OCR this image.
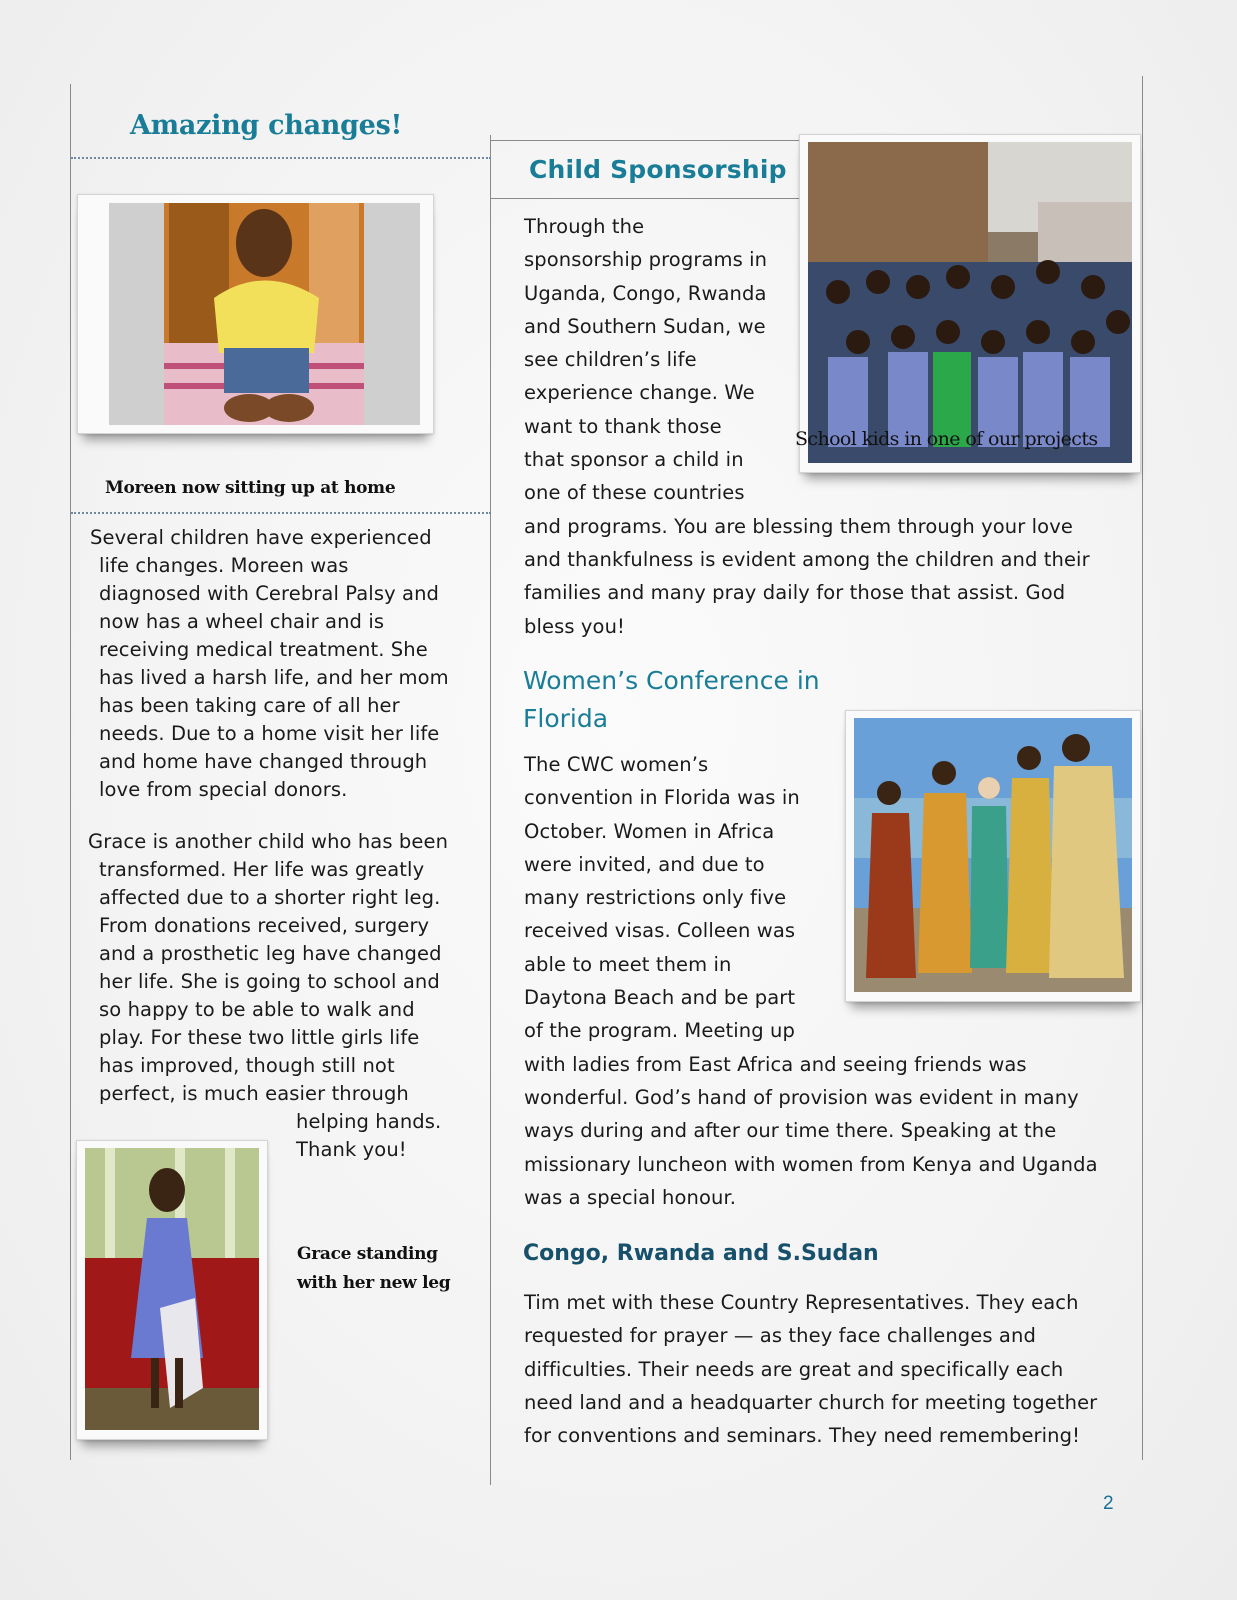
Amazing changes!
Moreen now sitting up at home
Several children have experienced
life changes. Moreen was
diagnosed with Cerebral Palsy and
now has a wheel chair and is
receiving medical treatment. She
has lived a harsh life, and her mom
has been taking care of all her
needs. Due to a home visit her life
and home have changed through
love from special donors.
Grace is another child who has been
transformed. Her life was greatly
affected due to a shorter right leg.
From donations received, surgery
and a prosthetic leg have changed
her life. She is going to school and
so happy to be able to walk and
play. For these two little girls life
has improved, though still not
perfect, is much easier through
helping hands.
Thank you!
Grace standing
with her new leg
Child Sponsorship
School kids in one of our projects
Through the
sponsorship programs in
Uganda, Congo, Rwanda
and Southern Sudan, we
see children’s life
experience change. We
want to thank those
that sponsor a child in
one of these countries
and programs. You are blessing them through your love
and thankfulness is evident among the children and their
families and many pray daily for those that assist. God
bless you!
Women’s Conference in
Florida
The CWC women’s
convention in Florida was in
October. Women in Africa
were invited, and due to
many restrictions only five
received visas. Colleen was
able to meet them in
Daytona Beach and be part
of the program. Meeting up
with ladies from East Africa and seeing friends was
wonderful. God’s hand of provision was evident in many
ways during and after our time there. Speaking at the
missionary luncheon with women from Kenya and Uganda
was a special honour.
Congo, Rwanda and S.Sudan
Tim met with these Country Representatives. They each
requested for prayer — as they face challenges and
difficulties. Their needs are great and specifically each
need land and a headquarter church for meeting together
for conventions and seminars. They need remembering!
2
